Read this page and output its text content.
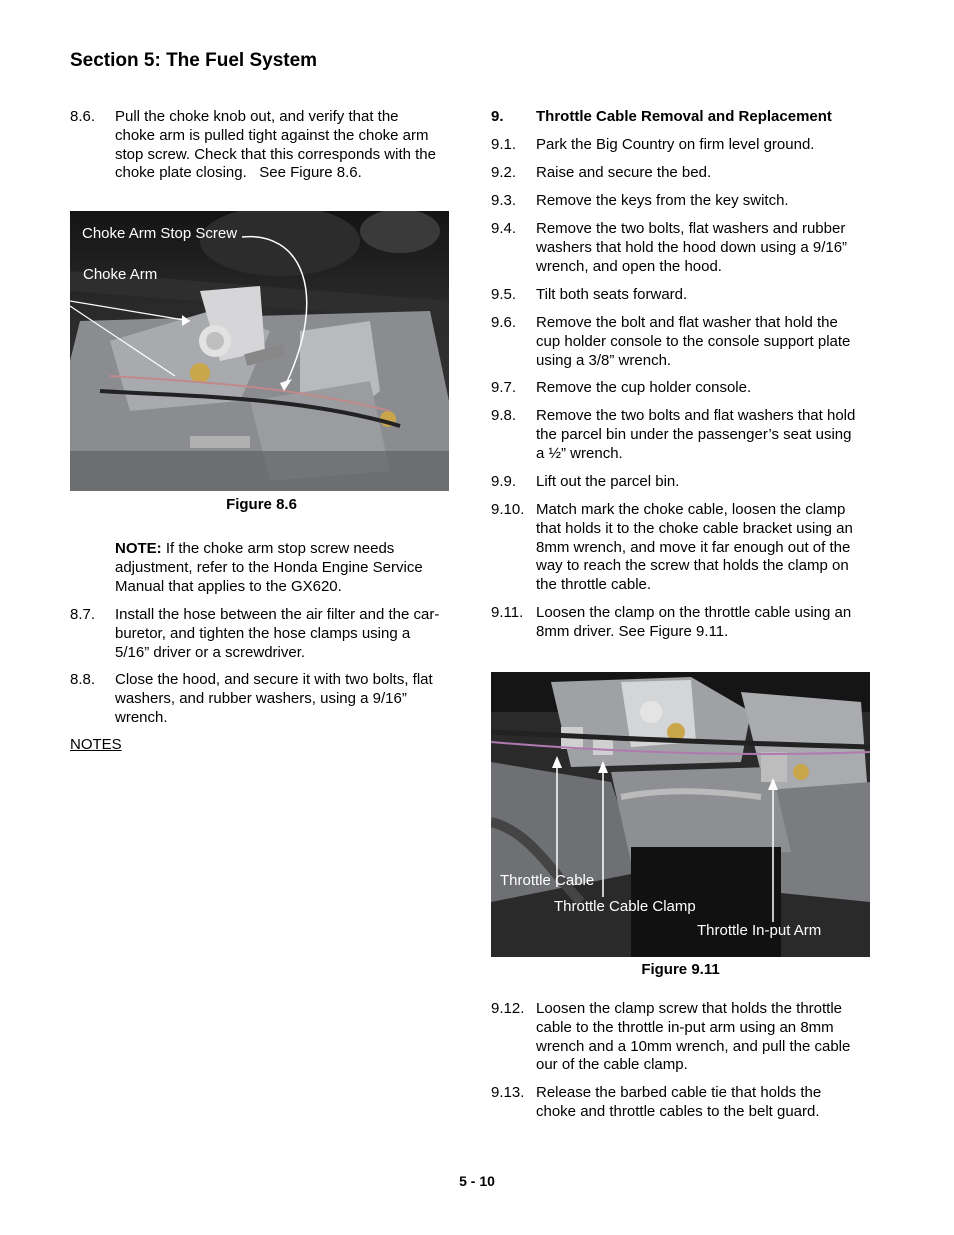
Section 5: The Fuel System
8.6. Pull the choke knob out, and verify that the
choke arm is pulled tight against the choke arm
stop screw. Check that this corresponds with the
choke plate closing.   See Figure 8.6.
Choke Arm Stop Screw
Choke Arm
Figure 8.6
NOTE: If the choke arm stop screw needs
adjustment, refer to the Honda Engine Service
Manual that applies to the GX620.
8.7. Install the hose between the air filter and the car-
buretor, and tighten the hose clamps using a
5/16” driver or a screwdriver.
8.8. Close the hood, and secure it with two bolts, flat
washers, and rubber washers, using a 9/16”
wrench.
NOTES
9. Throttle Cable Removal and Replacement
9.1. Park the Big Country on firm level ground.
9.2. Raise and secure the bed.
9.3. Remove the keys from the key switch.
9.4. Remove the two bolts, flat washers and rubber
washers that hold the hood down using a 9/16”
wrench, and open the hood.
9.5. Tilt both seats forward.
9.6. Remove the bolt and flat washer that hold the
cup holder console to the console support plate
using a 3/8” wrench.
9.7. Remove the cup holder console.
9.8. Remove the two bolts and flat washers that hold
the parcel bin under the passenger’s seat using
a ½” wrench.
9.9. Lift out the parcel bin.
9.10. Match mark the choke cable, loosen the clamp
that holds it to the choke cable bracket using an
8mm wrench, and move it far enough out of the
way to reach the screw that holds the clamp on
the throttle cable.
9.11. Loosen the clamp on the throttle cable using an
8mm driver. See Figure 9.11.
Throttle Cable
Throttle Cable Clamp
Throttle In-put Arm
Figure 9.11
9.12. Loosen the clamp screw that holds the throttle
cable to the throttle in-put arm using an 8mm
wrench and a 10mm wrench, and pull the cable
our of the cable clamp.
9.13. Release the barbed cable tie that holds the
choke and throttle cables to the belt guard.
5 - 10
